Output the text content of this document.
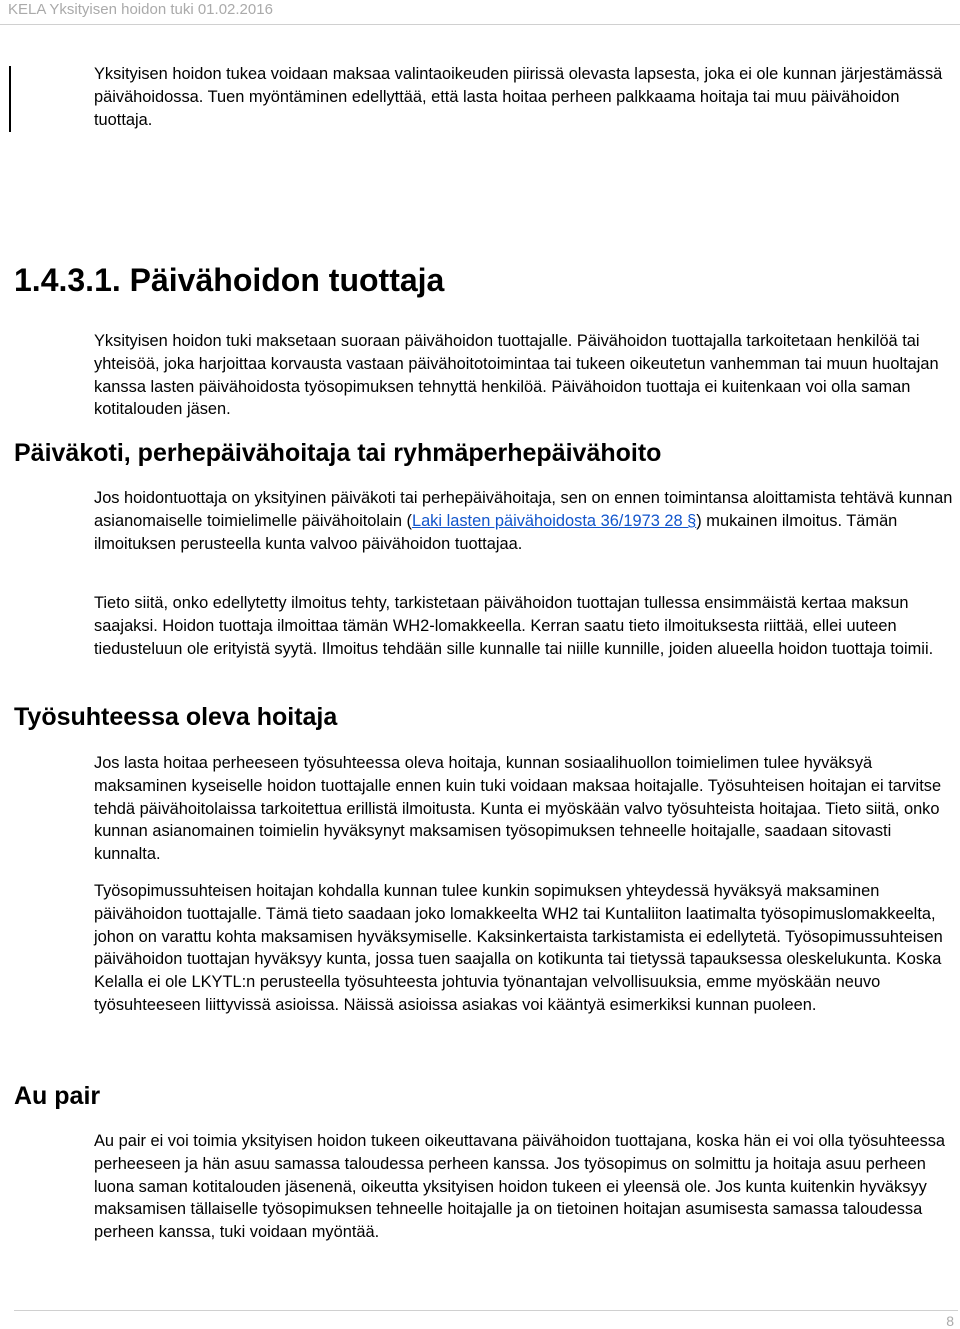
KELA Yksityisen hoidon tuki 01.02.2016

Yksityisen hoidon tukea voidaan maksaa valintaoikeuden piirissä olevasta lapsesta, joka ei ole kunnan järjestämässä päivähoidossa. Tuen myöntäminen edellyttää, että lasta hoitaa perheen palkkaama hoitaja tai muu päivähoidon tuottaja.

1.4.3.1. Päivähoidon tuottaja

Yksityisen hoidon tuki maksetaan suoraan päivähoidon tuottajalle. Päivähoidon tuottajalla tarkoitetaan henkilöä tai yhteisöä, joka harjoittaa korvausta vastaan päivähoitotoimintaa tai tukeen oikeutetun vanhemman tai muun huoltajan kanssa lasten päivähoidosta työsopimuksen tehnyttä henkilöä. Päivähoidon tuottaja ei kuitenkaan voi olla saman kotitalouden jäsen.

Päiväkoti, perhepäivähoitaja tai ryhmäperhepäivähoito

Jos hoidontuottaja on yksityinen päiväkoti tai perhepäivähoitaja, sen on ennen toimintansa aloittamista tehtävä kunnan asianomaiselle toimielimelle päivähoitolain (Laki lasten päivähoidosta 36/1973 28 §) mukainen ilmoitus. Tämän ilmoituksen perusteella kunta valvoo päivähoidon tuottajaa.

Tieto siitä, onko edellytetty ilmoitus tehty, tarkistetaan päivähoidon tuottajan tullessa ensimmäistä kertaa maksun saajaksi. Hoidon tuottaja ilmoittaa tämän WH2-lomakkeella. Kerran saatu tieto ilmoituksesta riittää, ellei uuteen tiedusteluun ole erityistä syytä. Ilmoitus tehdään sille kunnalle tai niille kunnille, joiden alueella hoidon tuottaja toimii.

Työsuhteessa oleva hoitaja

Jos lasta hoitaa perheeseen työsuhteessa oleva hoitaja, kunnan sosiaalihuollon toimielimen tulee hyväksyä maksaminen kyseiselle hoidon tuottajalle ennen kuin tuki voidaan maksaa hoitajalle. Työsuhteisen hoitajan ei tarvitse tehdä päivähoitolaissa tarkoitettua erillistä ilmoitusta. Kunta ei myöskään valvo työsuhteista hoitajaa. Tieto siitä, onko kunnan asianomainen toimielin hyväksynyt maksamisen työsopimuksen tehneelle hoitajalle, saadaan sitovasti kunnalta.

Työsopimussuhteisen hoitajan kohdalla kunnan tulee kunkin sopimuksen yhteydessä hyväksyä maksaminen päivähoidon tuottajalle. Tämä tieto saadaan joko lomakkeelta WH2 tai Kuntaliiton laatimalta työsopimuslomakkeelta, johon on varattu kohta maksamisen hyväksymiselle. Kaksinkertaista tarkistamista ei edellytetä. Työsopimussuhteisen päivähoidon tuottajan hyväksyy kunta, jossa tuen saajalla on kotikunta tai tietyssä tapauksessa oleskelukunta. Koska Kelalla ei ole LKYTL:n perusteella työsuhteesta johtuvia työnantajan velvollisuuksia, emme myöskään neuvo työsuhteeseen liittyvissä asioissa. Näissä asioissa asiakas voi kääntyä esimerkiksi kunnan puoleen.

Au pair

Au pair ei voi toimia yksityisen hoidon tukeen oikeuttavana päivähoidon tuottajana, koska hän ei voi olla työsuhteessa perheeseen ja hän asuu samassa taloudessa perheen kanssa. Jos työsopimus on solmittu ja hoitaja asuu perheen luona saman kotitalouden jäsenenä, oikeutta yksityisen hoidon tukeen ei yleensä ole. Jos kunta kuitenkin hyväksyy maksamisen tällaiselle työsopimuksen tehneelle hoitajalle ja on tietoinen hoitajan asumisesta samassa taloudessa perheen kanssa, tuki voidaan myöntää.

8
